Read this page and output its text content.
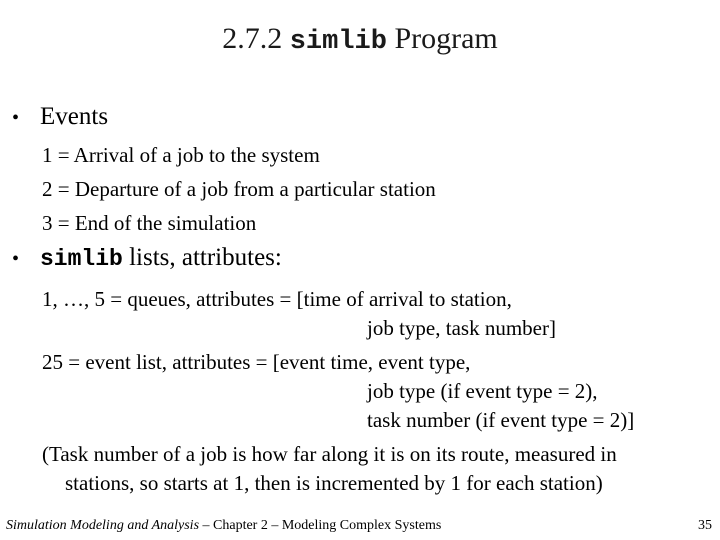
2.7.2 simlib Program
• Events
1 = Arrival of a job to the system
2 = Departure of a job from a particular station
3 = End of the simulation
• simlib lists, attributes:
1, …, 5 = queues, attributes = [time of arrival to station,
job type, task number]
25 = event list, attributes = [event time, event type,
job type (if event type = 2),
task number (if event type = 2)]
(Task number of a job is how far along it is on its route, measured in
stations, so starts at 1, then is incremented by 1 for each station)
Simulation Modeling and Analysis – Chapter 2 – Modeling Complex Systems	35
